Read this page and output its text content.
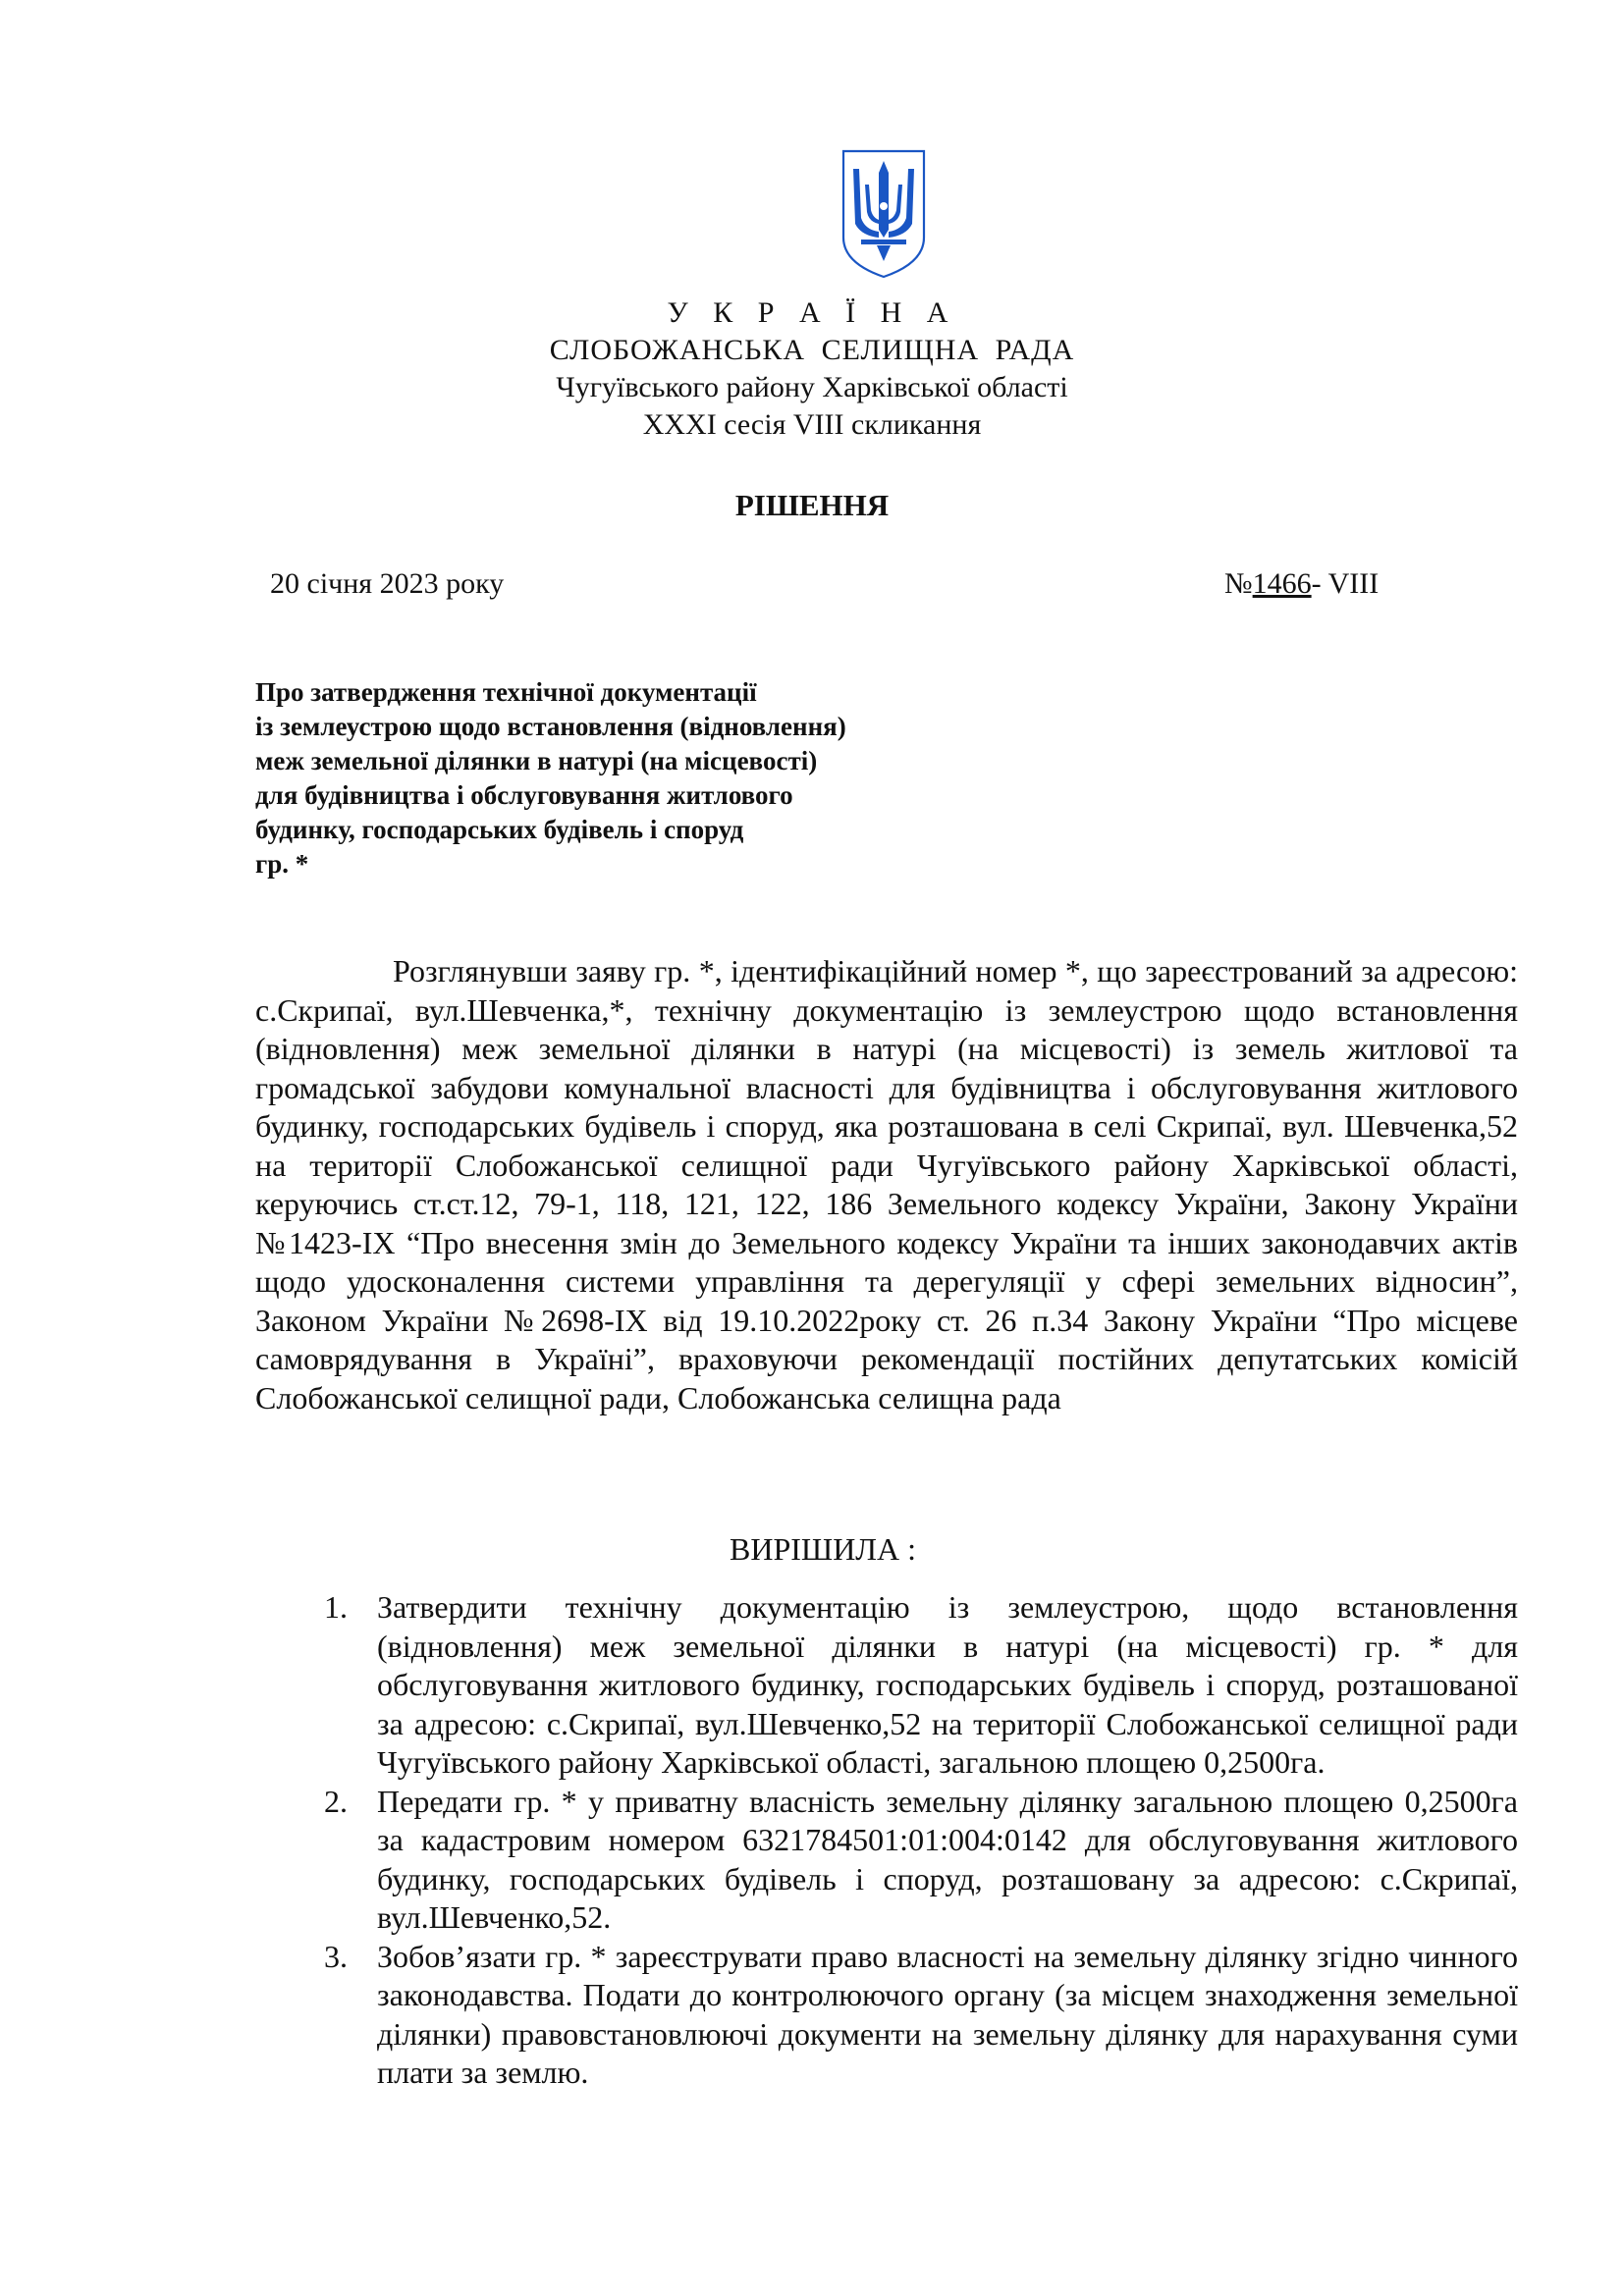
У К Р А Ї Н А
СЛОБОЖАНСЬКА СЕЛИЩНА РАДА
Чугуївського району Харківської області
XXXI сесія VIII скликання
РІШЕННЯ
20 січня 2023 року	№1466- VIII
Про затвердження технічної документації
із землеустрою щодо встановлення (відновлення)
меж земельної ділянки в натурі (на місцевості)
для будівництва і обслуговування житлового
будинку, господарських будівель і споруд
гр. *

Розглянувши заяву гр. *, ідентифікаційний номер *, що зареєстрований за адресою: с.Скрипаї, вул.Шевченка,*, технічну документацію із землеустрою щодо встановлення (відновлення) меж земельної ділянки в натурі (на місцевості) із земель житлової та громадської забудови комунальної власності для будівництва і обслуговування житлового будинку, господарських будівель і споруд, яка розташована в селі Скрипаї, вул. Шевченка,52 на території Слобожанської селищної ради Чугуївського району Харківської області, керуючись ст.ст.12, 79-1, 118, 121, 122, 186 Земельного кодексу України, Закону України №1423-IX “Про внесення змін до Земельного кодексу України та інших законодавчих актів щодо удосконалення системи управління та дерегуляції у сфері земельних відносин”, Законом України №2698-IX від 19.10.2022року ст. 26 п.34 Закону України “Про місцеве самоврядування в Україні”, враховуючи рекомендації постійних депутатських комісій Слобожанської селищної ради, Слобожанська селищна рада

ВИРІШИЛА :
1. Затвердити технічну документацію із землеустрою, щодо встановлення (відновлення) меж земельної ділянки в натурі (на місцевості) гр. * для обслуговування житлового будинку, господарських будівель і споруд, розташованої за адресою: с.Скрипаї, вул.Шевченко,52 на території Слобожанської селищної ради Чугуївського району Харківської області, загальною площею 0,2500га.
2. Передати гр. * у приватну власність земельну ділянку загальною площею 0,2500га за кадастровим номером 6321784501:01:004:0142 для обслуговування житлового будинку, господарських будівель і споруд, розташовану за адресою: с.Скрипаї, вул.Шевченко,52.
3. Зобов’язати гр. * зареєструвати право власності на земельну ділянку згідно чинного законодавства. Подати до контролюючого органу (за місцем знаходження земельної ділянки) правовстановлюючі документи на земельну ділянку для нарахування суми плати за землю.
